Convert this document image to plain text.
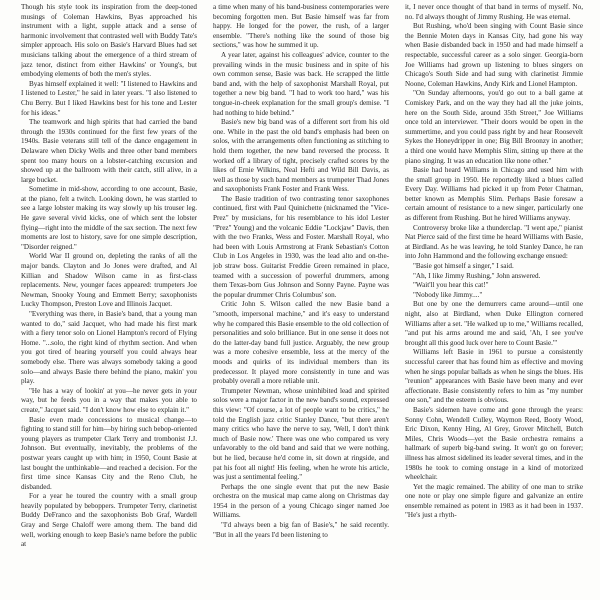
Though his style took its inspiration from the deep-toned musings of Coleman Hawkins, Byas approached his instrument with a light, supple attack and a sense of harmonic involvement that contrasted well with Buddy Tate's simpler approach. His solo on Basie's Harvard Blues had set musicians talking about the emergence of a third stream of jazz tenor, distinct from either Hawkins' or Young's, but embodying elements of both the men's styles.

Byas himself explained it well: "I listened to Hawkins and I listened to Lester," he said in later years. "I also listened to Chu Berry. But I liked Hawkins best for his tone and Lester for his ideas."

The teamwork and high spirits that had carried the band through the 1930s continued for the first few years of the 1940s. Basie veterans still tell of the dance engagement in Delaware when Dicky Wells and three other band members spent too many hours on a lobster-catching excursion and showed up at the ballroom with their catch, still alive, in a large bucket.

Sometime in mid-show, according to one account, Basie, at the piano, felt a twitch. Looking down, he was startled to see a large lobster making its way slowly up his trouser leg. He gave several vivid kicks, one of which sent the lobster flying—right into the middle of the sax section. The next few moments are lost to history, save for one simple description, "Disorder reigned."

World War II ground on, depleting the ranks of all the major bands. Clayton and Jo Jones were drafted, and Al Killian and Shadow Wilson came in as first-class replacements. New, younger faces appeared: trumpeters Joe Newman, Snooky Young and Emmett Berry; saxophonists Lucky Thompson, Preston Love and Illinois Jacquet.

"Everything was there, in Basie's band, that a young man wanted to do," said Jacquet, who had made his first mark with a fiery tenor solo on Lionel Hampton's record of Flying Home. "...solo, the right kind of rhythm section. And when you got tired of hearing yourself you could always hear somebody else. There was always somebody taking a good solo—and always Basie there behind the piano, makin' you play.

"He has a way of lookin' at you—he never gets in your way, but he feeds you in a way that makes you able to create," Jacquet said. "I don't know how else to explain it."

Basie even made concessions to musical change—to fighting to stand still for him—by hiring such bebop-oriented young players as trumpeter Clark Terry and trombonist J.J. Johnson. But eventually, inevitably, the problems of the postwar years caught up with him; in 1950, Count Basie at last bought the unthinkable—and reached a decision. For the first time since Kansas City and the Reno Club, he disbanded.

For a year he toured the country with a small group heavily populated by beboppers. Trumpeter Terry, clarinetist Buddy DeFranco and the saxophonists Bob Graf, Wardell Gray and Serge Chaloff were among them. The band did well, working enough to keep Basie's name before the public at

a time when many of his band-business contemporaries were becoming forgotten men. But Basie himself was far from happy. He longed for the power, the rush, of a larger ensemble. "There's nothing like the sound of those big sections," was how he summed it up.

A year later, against his colleagues' advice, counter to the prevailing winds in the music business and in spite of his own common sense, Basie was back. He scrapped the little band and, with the help of saxophonist Marshall Royal, put together a new big band. "I had to work too hard," was his tongue-in-cheek explanation for the small group's demise. "I had nothing to hide behind."

Basie's new big band was of a different sort from his old one. While in the past the old band's emphasis had been on solos, with the arrangements often functioning as stitching to hold them together, the new band reversed the process. It worked off a library of tight, precisely crafted scores by the likes of Ernie Wilkins, Neal Hefti and Wild Bill Davis, as well as those by such band members as trumpeter Thad Jones and saxophonists Frank Foster and Frank Wess.

The Basie tradition of two contrasting tenor saxophones continued, first with Paul Quinichette (nicknamed the "Vice-Prez" by musicians, for his resemblance to his idol Lester "Prez" Young) and the volcanic Eddie "Lockjaw" Davis, then with the two Franks, Wess and Foster. Marshall Royal, who had been with Louis Armstrong at Frank Sebastian's Cotton Club in Los Angeles in 1930, was the lead alto and on-the-job straw boss. Guitarist Freddie Green remained in place, teamed with a succession of powerful drummers, among them Texas-born Gus Johnson and Sonny Payne. Payne was the popular drummer Chris Columbus' son.

Critic John S. Wilson called the new Basie band a "smooth, impersonal machine," and it's easy to understand why he compared this Basie ensemble to the old collection of personalities and solo brilliance. But in one sense it does not do the latter-day band full justice. Arguably, the new group was a more cohesive ensemble, less at the mercy of the moods and quirks of its individual members than its predecessor. It played more consistently in tune and was probably overall a more reliable unit.

Trumpeter Newman, whose uninhibited lead and spirited solos were a major factor in the new band's sound, expressed this view: "Of course, a lot of people want to be critics," he told the English jazz critic Stanley Dance, "but there aren't many critics who have the nerve to say, 'Well, I don't think much of Basie now.' There was one who compared us very unfavorably to the old band and said that we were nothing, but he lied, because he'd come in, sit down at ringside, and pat his foot all night! His feeling, when he wrote his article, was just a sentimental feeling."

Perhaps the one single event that put the new Basie orchestra on the musical map came along on Christmas day 1954 in the person of a young Chicago singer named Joe Williams.

"I'd always been a big fan of Basie's," he said recently. "But in all the years I'd been listening to

it, I never once thought of that band in terms of myself. No, no. I'd always thought of Jimmy Rushing. He was eternal.

But Rushing, who'd been singing with Count Basie since the Bennie Moten days in Kansas City, had gone his way when Basie disbanded back in 1950 and had made himself a respectable, successful career as a solo singer. Georgia-born Joe Williams had grown up listening to blues singers on Chicago's South Side and had sung with clarinetist Jimmie Noone, Coleman Hawkins, Andy Kirk and Lionel Hampton.

"On Sunday afternoons, you'd go out to a ball game at Comiskey Park, and on the way they had all the juke joints, here on the South Side, around 35th Street," Joe Williams once told an interviewer. "Their doors would be open in the summertime, and you could pass right by and hear Roosevelt Sykes the Honeydripper in one; Big Bill Broonzy in another; a third one would have Memphis Slim, sitting up there at the piano singing. It was an education like none other."

Basie had heard Williams in Chicago and used him with the small group in 1950. He reportedly liked a blues called Every Day. Williams had picked it up from Peter Chatman, better known as Memphis Slim. Perhaps Basie foresaw a certain amount of resistance to a new singer, particularly one as different from Rushing. But he hired Williams anyway.

Controversy broke like a thunderclap. "I went ape," pianist Nat Pierce said of the first time he heard Williams with Basie, at Birdland. As he was leaving, he told Stanley Dance, he ran into John Hammond and the following exchange ensued:

"Basie got himself a singer," I said.

"Ah, I like Jimmy Rushing," John answered.

"Wait'll you hear this cat!"

"Nobody like Jimmy...."

But one by one the demurrers came around—until one night, also at Birdland, when Duke Ellington cornered Williams after a set. "He walked up to me," Williams recalled, "and put his arms around me and said, 'Ah, I see you've brought all this good luck over here to Count Basie.'"

Williams left Basie in 1961 to pursue a consistently successful career that has found him as effective and moving when he sings popular ballads as when he sings the blues. His "reunion" appearances with Basie have been many and ever affectionate. Basie consistently refers to him as "my number one son," and the esteem is obvious.

Basie's sidemen have come and gone through the years: Sonny Cohn, Wendell Culley, Waymon Reed, Booty Wood, Eric Dixon, Kenny Hing, Al Grey, Grover Mitchell, Butch Miles, Chris Woods—yet the Basie orchestra remains a hallmark of superb big-band swing. It won't go on forever; illness has almost sidelined its leader several times, and in the 1980s he took to coming onstage in a kind of motorized wheelchair.

Yet the magic remained. The ability of one man to strike one note or play one simple figure and galvanize an entire ensemble remained as potent in 1983 as it had been in 1937. "He's just a rhyth-
